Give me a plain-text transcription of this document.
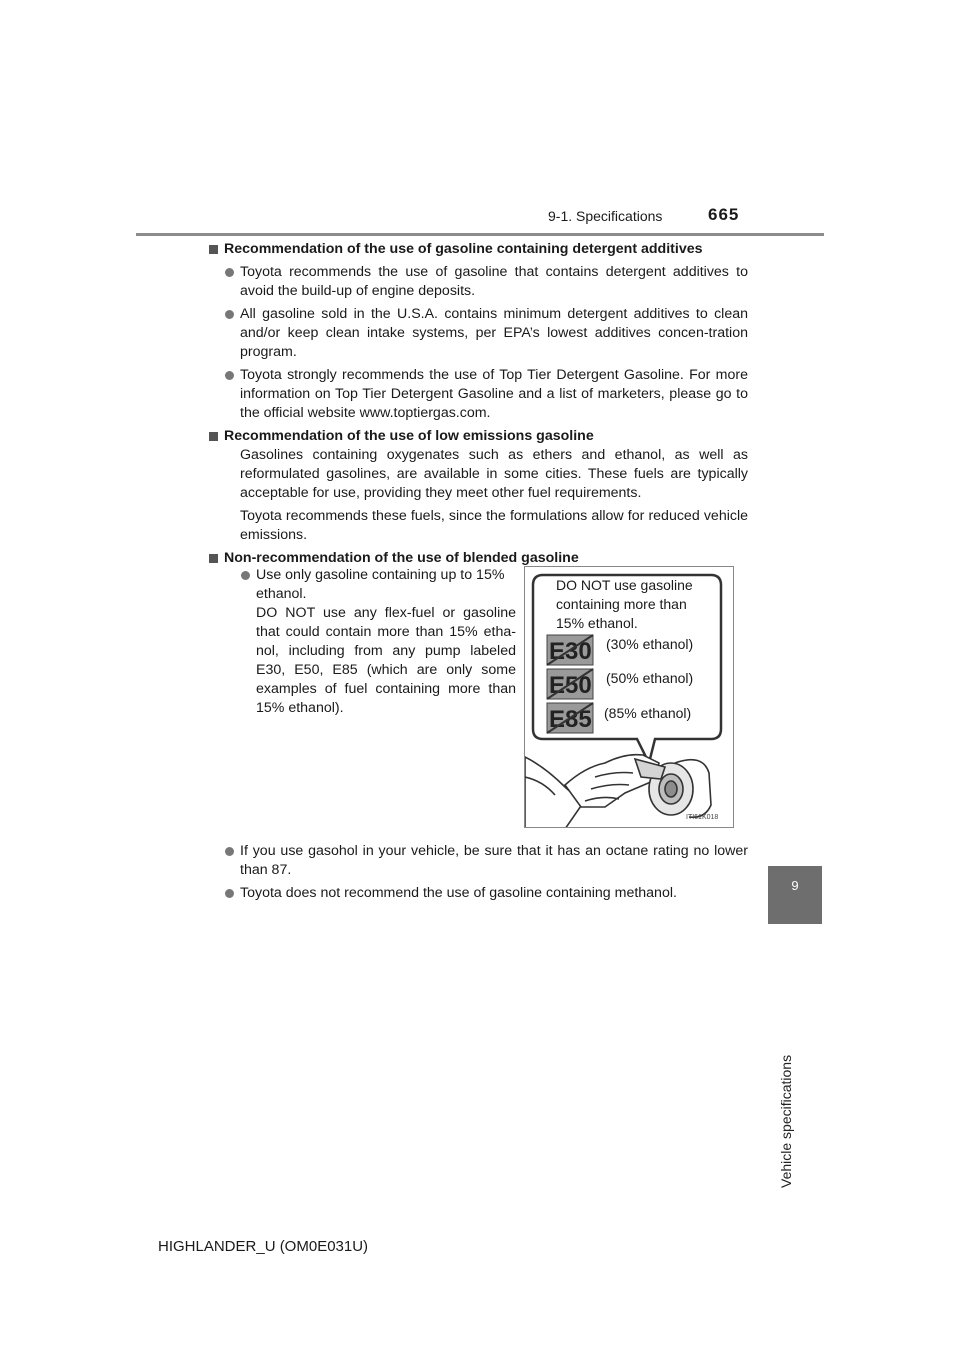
9-1. Specifications	665
9
Vehicle specifications

Recommendation of the use of gasoline containing detergent additives

Toyota recommends the use of gasoline that contains detergent additives to avoid the build-up of engine deposits.

All gasoline sold in the U.S.A. contains minimum detergent additives to clean and/or keep clean intake systems, per EPA’s lowest additives concen-tration program.

Toyota strongly recommends the use of Top Tier Detergent Gasoline. For more information on Top Tier Detergent Gasoline and a list of marketers, please go to the official website www.toptiergas.com.

Recommendation of the use of low emissions gasoline

Gasolines containing oxygenates such as ethers and ethanol, as well as reformulated gasolines, are available in some cities. These fuels are typically acceptable for use, providing they meet other fuel requirements.

Toyota recommends these fuels, since the formulations allow for reduced vehicle emissions.

Non-recommendation of the use of blended gasoline

Use only gasoline containing up to 15% ethanol.

DO NOT use any flex-fuel or gasoline that could contain more than 15% etha-nol, including from any pump labeled E30, E50, E85 (which are only some examples of fuel containing more than 15% ethanol).

E30
E50
E85
DO NOT use gasoline containing more than 15% ethanol.
(30% ethanol)
(50% ethanol)
(85% ethanol)
ITI61K018

If you use gasohol in your vehicle, be sure that it has an octane rating no lower than 87.

Toyota does not recommend the use of gasoline containing methanol.

HIGHLANDER_U (OM0E031U)
